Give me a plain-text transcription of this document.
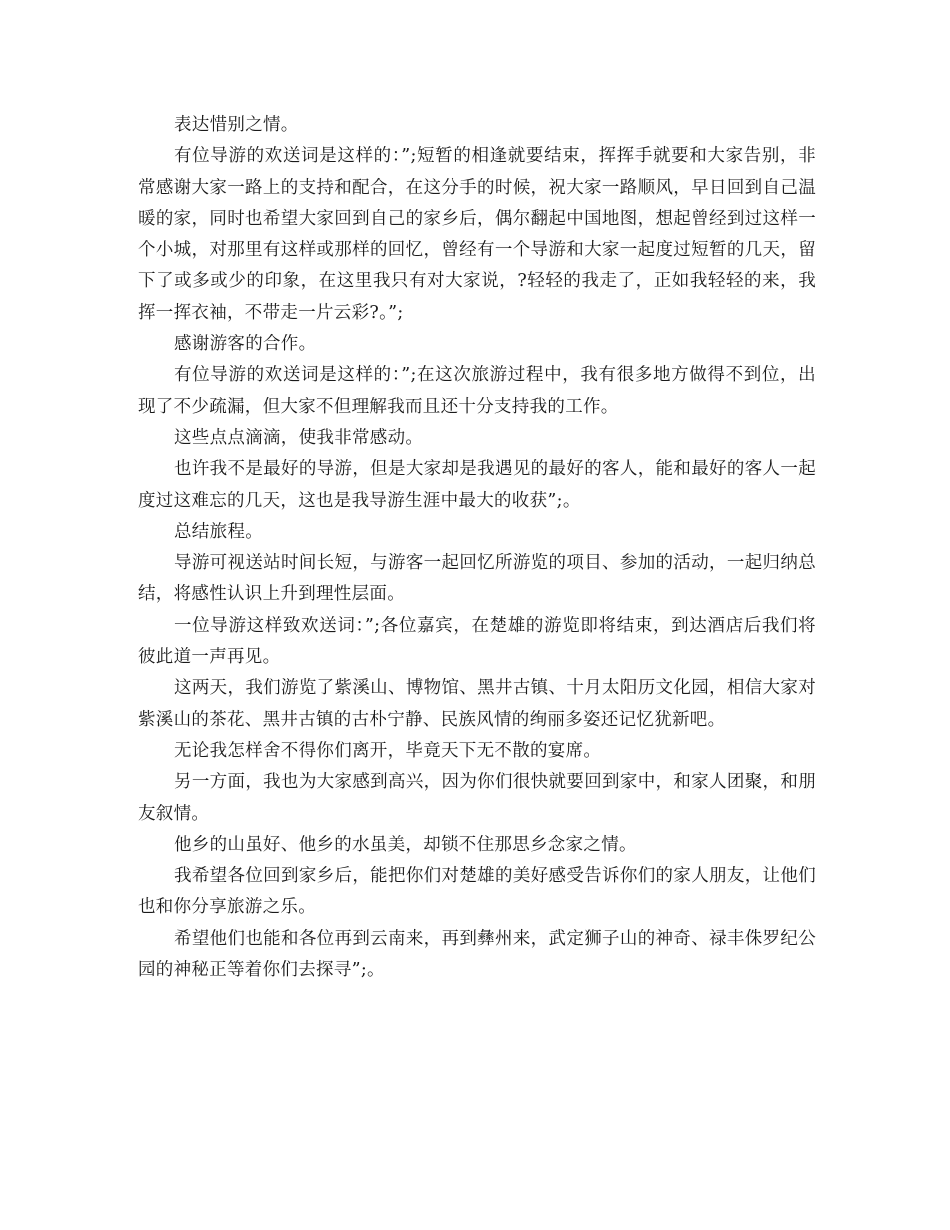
表达惜别之情。

有位导游的欢送词是这样的：”;短暂的相逢就要结束，挥挥手就要和大家告别，非常感谢大家一路上的支持和配合，在这分手的时候，祝大家一路顺风，早日回到自己温暖的家，同时也希望大家回到自己的家乡后，偶尔翻起中国地图，想起曾经到过这样一个小城，对那里有这样或那样的回忆，曾经有一个导游和大家一起度过短暂的几天，留下了或多或少的印象，在这里我只有对大家说，?轻轻的我走了，正如我轻轻的来，我挥一挥衣袖，不带走一片云彩?。”;

感谢游客的合作。

有位导游的欢送词是这样的：”;在这次旅游过程中，我有很多地方做得不到位，出现了不少疏漏，但大家不但理解我而且还十分支持我的工作。

这些点点滴滴，使我非常感动。

也许我不是最好的导游，但是大家却是我遇见的最好的客人，能和最好的客人一起度过这难忘的几天，这也是我导游生涯中最大的收获”;。

总结旅程。

导游可视送站时间长短，与游客一起回忆所游览的项目、参加的活动，一起归纳总结，将感性认识上升到理性层面。

一位导游这样致欢送词：”;各位嘉宾，在楚雄的游览即将结束，到达酒店后我们将彼此道一声再见。

这两天，我们游览了紫溪山、博物馆、黑井古镇、十月太阳历文化园，相信大家对紫溪山的茶花、黑井古镇的古朴宁静、民族风情的绚丽多姿还记忆犹新吧。

无论我怎样舍不得你们离开，毕竟天下无不散的宴席。

另一方面，我也为大家感到高兴，因为你们很快就要回到家中，和家人团聚，和朋友叙情。

他乡的山虽好、他乡的水虽美，却锁不住那思乡念家之情。

我希望各位回到家乡后，能把你们对楚雄的美好感受告诉你们的家人朋友，让他们也和你分享旅游之乐。

希望他们也能和各位再到云南来，再到彝州来，武定狮子山的神奇、禄丰侏罗纪公园的神秘正等着你们去探寻”;。
